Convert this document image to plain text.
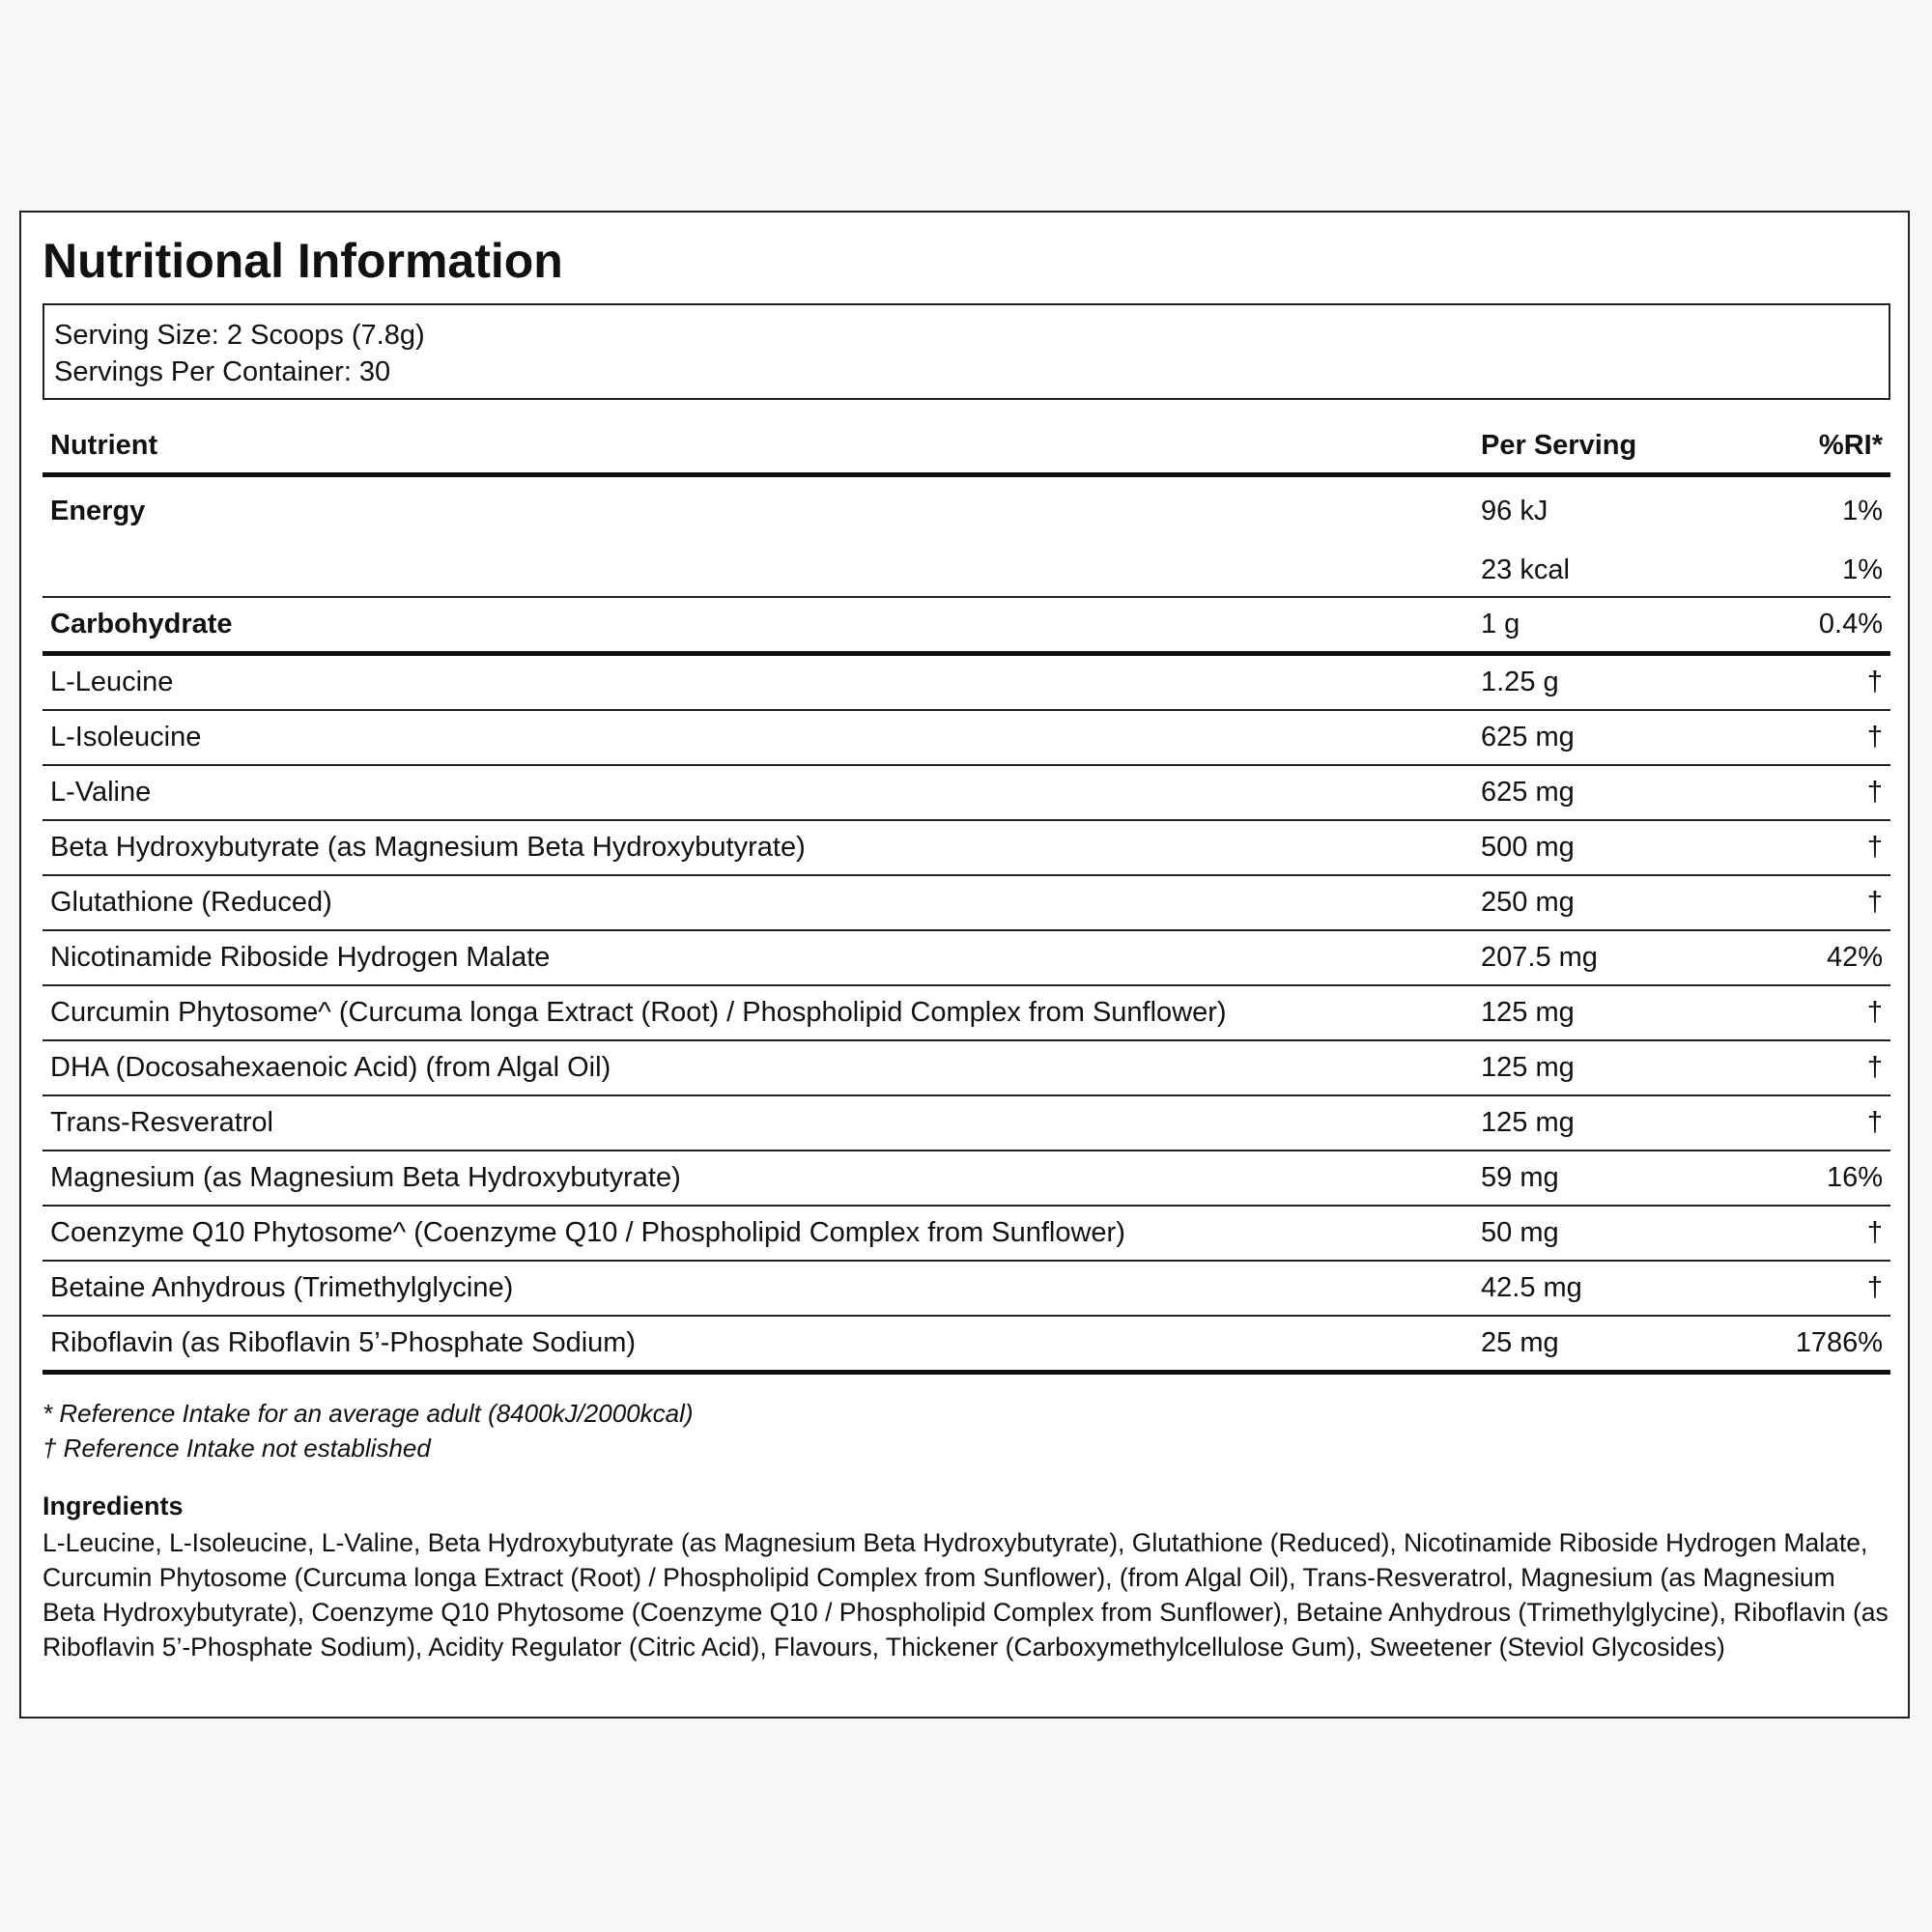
Nutritional Information
Serving Size: 2 Scoops (7.8g)
Servings Per Container: 30
Nutrient	Per Serving	%RI*
Energy	96 kJ	1%
	23 kcal	1%
Carbohydrate	1 g	0.4%
L-Leucine	1.25 g	†
L-Isoleucine	625 mg	†
L-Valine	625 mg	†
Beta Hydroxybutyrate (as Magnesium Beta Hydroxybutyrate)	500 mg	†
Glutathione (Reduced)	250 mg	†
Nicotinamide Riboside Hydrogen Malate	207.5 mg	42%
Curcumin Phytosome^ (Curcuma longa Extract (Root) / Phospholipid Complex from Sunflower)	125 mg	†
DHA (Docosahexaenoic Acid) (from Algal Oil)	125 mg	†
Trans-Resveratrol	125 mg	†
Magnesium (as Magnesium Beta Hydroxybutyrate)	59 mg	16%
Coenzyme Q10 Phytosome^ (Coenzyme Q10 / Phospholipid Complex from Sunflower)	50 mg	†
Betaine Anhydrous (Trimethylglycine)	42.5 mg	†
Riboflavin (as Riboflavin 5’-Phosphate Sodium)	25 mg	1786%
* Reference Intake for an average adult (8400kJ/2000kcal)
† Reference Intake not established
Ingredients
L-Leucine, L-Isoleucine, L-Valine, Beta Hydroxybutyrate (as Magnesium Beta Hydroxybutyrate), Glutathione (Reduced), Nicotinamide Riboside Hydrogen Malate, Curcumin Phytosome (Curcuma longa Extract (Root) / Phospholipid Complex from Sunflower), (from Algal Oil), Trans-Resveratrol, Magnesium (as Magnesium Beta Hydroxybutyrate), Coenzyme Q10 Phytosome (Coenzyme Q10 / Phospholipid Complex from Sunflower), Betaine Anhydrous (Trimethylglycine), Riboflavin (as Riboflavin 5’-Phosphate Sodium), Acidity Regulator (Citric Acid), Flavours, Thickener (Carboxymethylcellulose Gum), Sweetener (Steviol Glycosides)
